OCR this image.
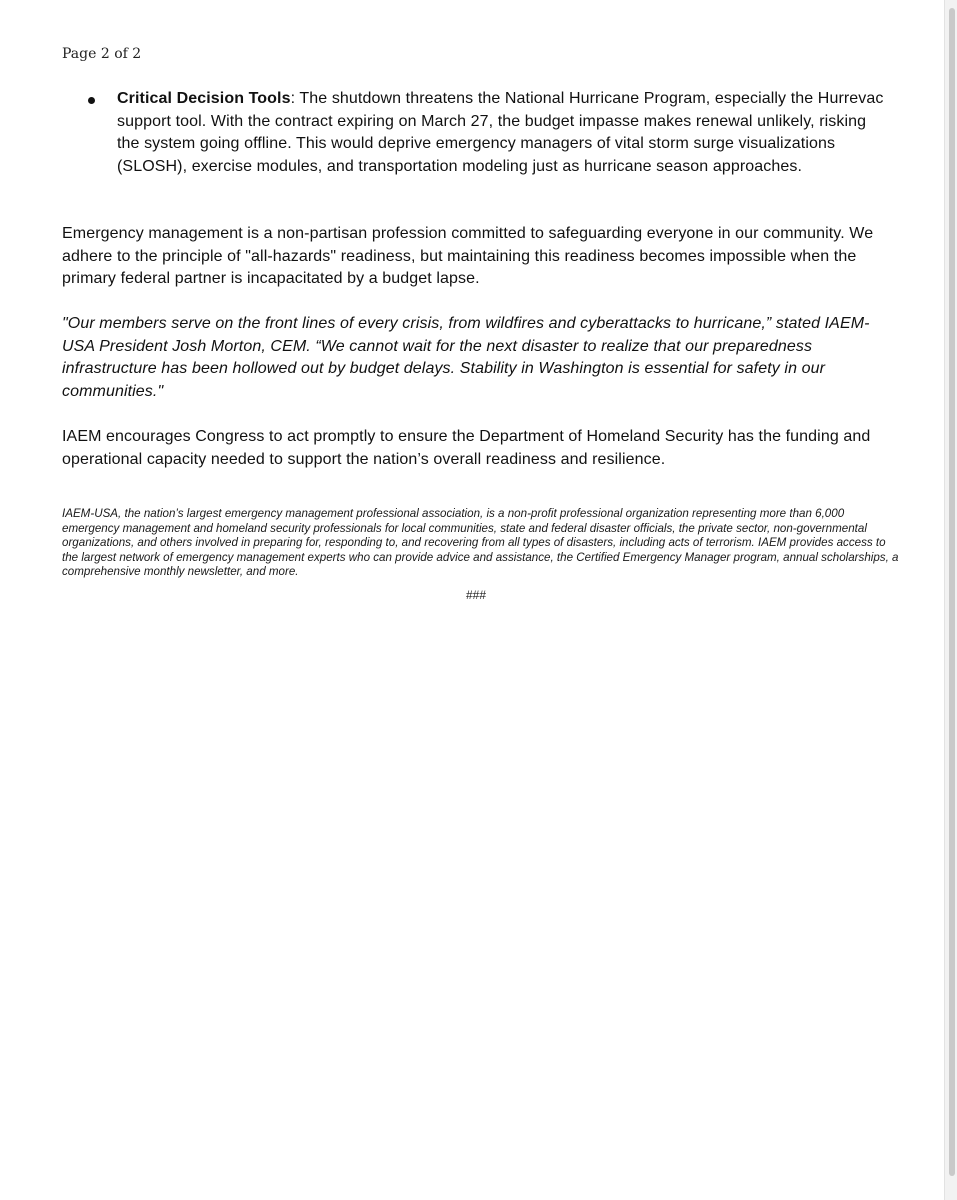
Page 2 of 2
Critical Decision Tools: The shutdown threatens the National Hurricane Program, especially the Hurrevac support tool. With the contract expiring on March 27, the budget impasse makes renewal unlikely, risking the system going offline. This would deprive emergency managers of vital storm surge visualizations (SLOSH), exercise modules, and transportation modeling just as hurricane season approaches.

Emergency management is a non-partisan profession committed to safeguarding everyone in our community. We adhere to the principle of "all-hazards" readiness, but maintaining this readiness becomes impossible when the primary federal partner is incapacitated by a budget lapse.

"Our members serve on the front lines of every crisis, from wildfires and cyberattacks to hurricane,” stated IAEM-USA President Josh Morton, CEM. “We cannot wait for the next disaster to realize that our preparedness infrastructure has been hollowed out by budget delays. Stability in Washington is essential for safety in our communities."

IAEM encourages Congress to act promptly to ensure the Department of Homeland Security has the funding and operational capacity needed to support the nation’s overall readiness and resilience.

IAEM-USA, the nation’s largest emergency management professional association, is a non-profit professional organization representing more than 6,000 emergency management and homeland security professionals for local communities, state and federal disaster officials, the private sector, non-governmental organizations, and others involved in preparing for, responding to, and recovering from all types of disasters, including acts of terrorism. IAEM provides access to the largest network of emergency management experts who can provide advice and assistance, the Certified Emergency Manager program, annual scholarships, a comprehensive monthly newsletter, and more.

###
